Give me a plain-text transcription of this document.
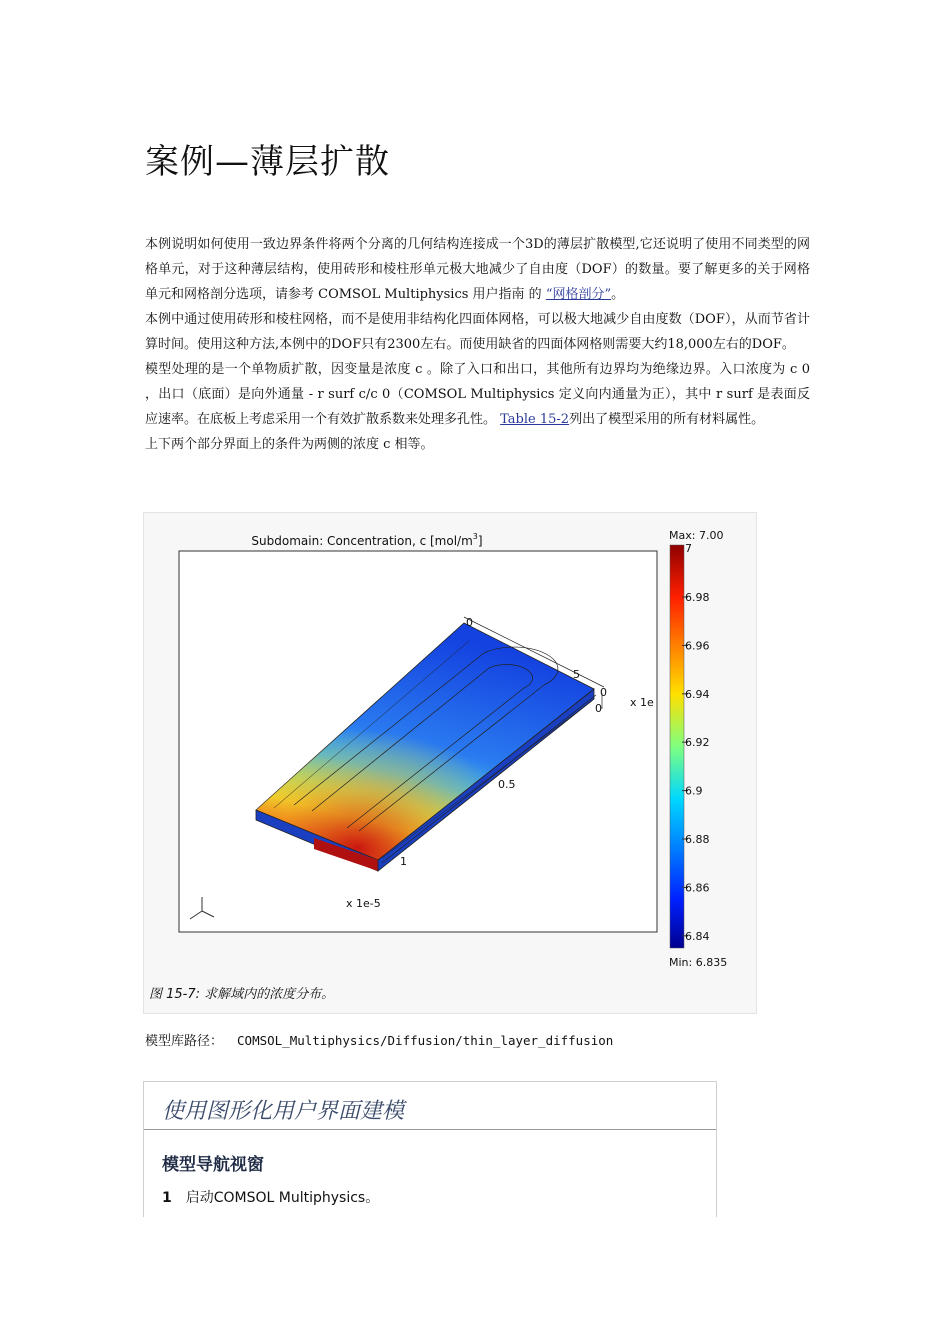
案例—薄层扩散

本例说明如何使用一致边界条件将两个分离的几何结构连接成一个3D的薄层扩散模型,它还说明了使用不同类型的网格单元，对于这种薄层结构，使用砖形和棱柱形单元极大地减少了自由度（DOF）的数量。要了解更多的关于网格单元和网格剖分选项，请参考 COMSOL Multiphysics 用户指南 的 “网格剖分”。

本例中通过使用砖形和棱柱网格，而不是使用非结构化四面体网格，可以极大地减少自由度数（DOF），从而节省计算时间。使用这种方法,本例中的DOF只有2300左右。而使用缺省的四面体网格则需要大约18,000左右的DOF。

模型处理的是一个单物质扩散，因变量是浓度 c 。除了入口和出口，其他所有边界均为绝缘边界。入口浓度为 c 0 ，出口（底面）是向外通量 - r surf c/c 0（COMSOL Multiphysics 定义向内通量为正），其中 r surf 是表面反应速率。在底板上考虑采用一个有效扩散系数来处理多孔性。 Table 15-2列出了模型采用的所有材料属性。

上下两个部分界面上的条件为两侧的浓度 c 相等。

Subdomain: Concentration, c $[mol/m^3]$
0
5
0
0
0.5
1
x 1e
x 1e-5
Max: 7.00
7
Min: 6.835
6.98
6.96
6.94
6.92
6.9
6.88
6.86
6.84
图 15-7: 求解域内的浓度分布。
模型库路径： COMSOL_Multiphysics/Diffusion/thin_layer_diffusion
使用图形化用户界面建模
模型导航视窗
1 启动COMSOL Multiphysics。
